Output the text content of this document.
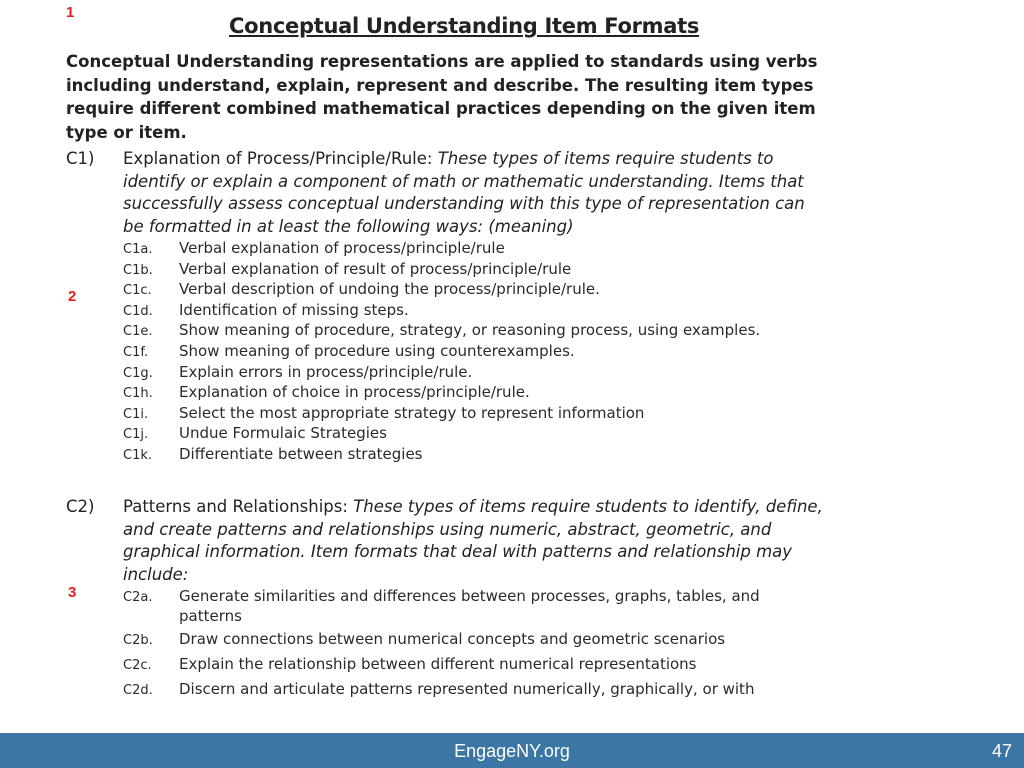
1
2
3
Conceptual Understanding Item Formats
Conceptual Understanding representations are applied to standards using verbs including understand, explain, represent and describe. The resulting item types require different combined mathematical practices depending on the given item type or item.
C1)	Explanation of Process/Principle/Rule: These types of items require students to identify or explain a component of math or mathematic understanding. Items that successfully assess conceptual understanding with this type of representation can be formatted in at least the following ways: (meaning)
C1a.	Verbal explanation of process/principle/rule
C1b.	Verbal explanation of result of process/principle/rule
C1c.	Verbal description of undoing the process/principle/rule.
C1d.	Identification of missing steps.
C1e.	Show meaning of procedure, strategy, or reasoning process, using examples.
C1f.	Show meaning of procedure using counterexamples.
C1g.	Explain errors in process/principle/rule.
C1h.	Explanation of choice in process/principle/rule.
C1i.	Select the most appropriate strategy to represent information
C1j.	Undue Formulaic Strategies
C1k.	Differentiate between strategies
C2)	Patterns and Relationships: These types of items require students to identify, define, and create patterns and relationships using numeric, abstract, geometric, and graphical information. Item formats that deal with patterns and relationship may include:
C2a.	Generate similarities and differences between processes, graphs, tables, and patterns
C2b.	Draw connections between numerical concepts and geometric scenarios
C2c.	Explain the relationship between different numerical representations
C2d.	Discern and articulate patterns represented numerically, graphically, or with
EngageNY.org	47
